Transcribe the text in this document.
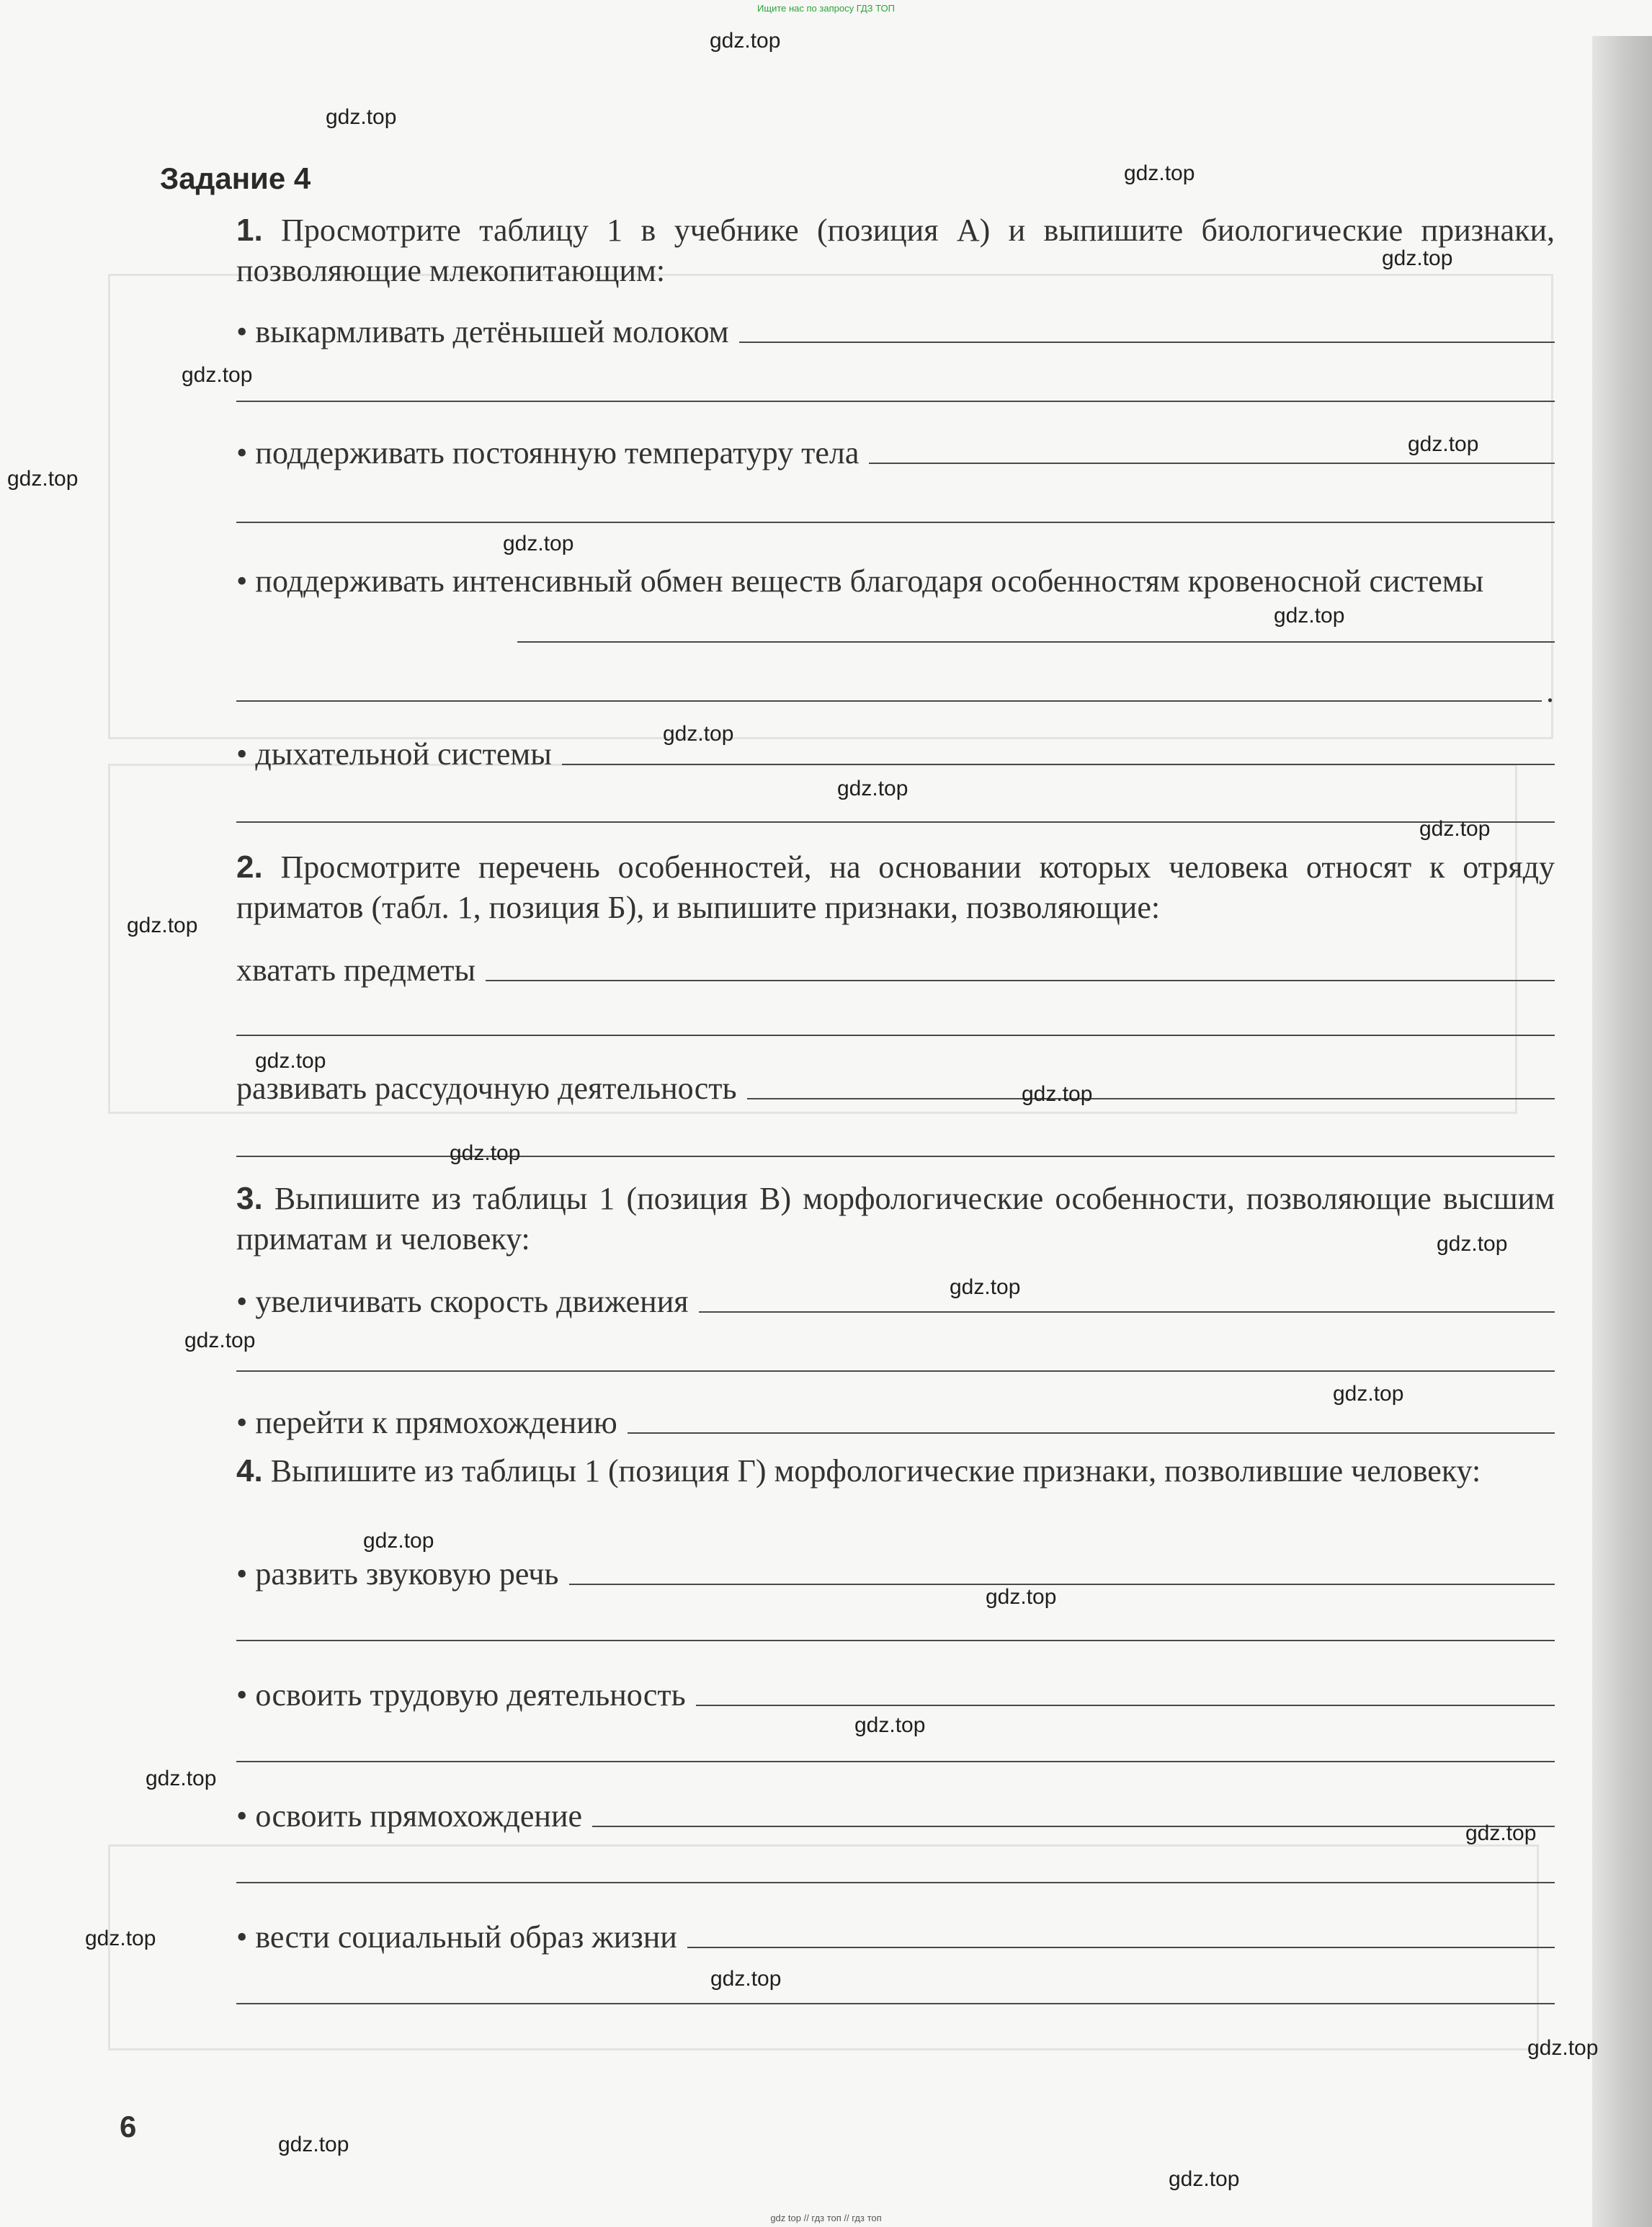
Ищите нас по запросу ГДЗ ТОП
Задание 4

1. Просмотрите таблицу 1 в учебнике (позиция А) и выпишите биологические признаки, позволяющие млекопитающим:

• выкармливать детёнышей молоком
• поддерживать постоянную температуру тела

• поддерживать интенсивный обмен веществ благодаря особенностям кровеносной системы

.
• дыхательной системы

2. Просмотрите перечень особенностей, на основании которых человека относят к отряду приматов (табл. 1, позиция Б), и выпишите признаки, позволяющие:

хватать предметы
развивать рассудочную деятельность

3. Выпишите из таблицы 1 (позиция В) морфологические особенности, позволяющие высшим приматам и человеку:

• увеличивать скорость движения
• перейти к прямохождению

4. Выпишите из таблицы 1 (позиция Г) морфологические признаки, позволившие человеку:

• развить звуковую речь
• освоить трудовую деятельность
• освоить прямохождение
• вести социальный образ жизни
6
gdz.top
gdz.top
gdz.top
gdz.top
gdz.top
gdz.top
gdz.top
gdz.top
gdz.top
gdz.top
gdz.top
gdz.top
gdz.top
gdz.top
gdz.top
gdz.top
gdz.top
gdz.top
gdz.top
gdz.top
gdz.top
gdz.top
gdz.top
gdz.top
gdz.top
gdz.top
gdz.top
gdz.top
gdz.top
gdz.top
gdz top // гдз топ // гдз топ
